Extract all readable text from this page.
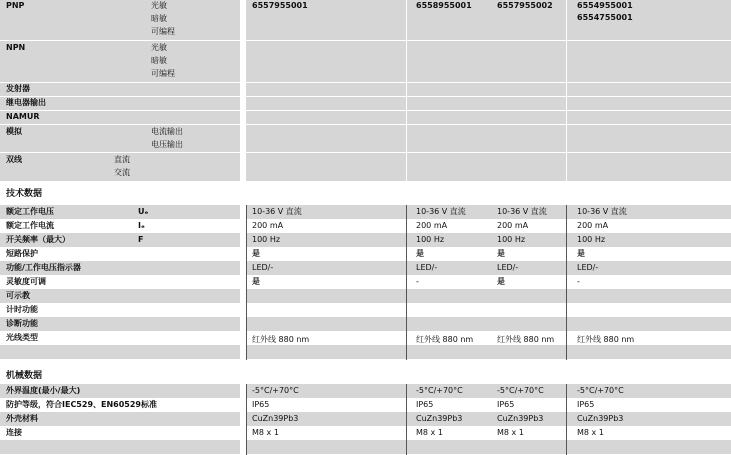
PNP	光敏
暗敏
可编程
6557955001	6558955001	6557955002	6554955001
6554755001
NPN	光敏
暗敏
可编程
发射器
继电器输出
NAMUR
模拟	电流输出
电压输出
双线	直流
交流
技术数据
额定工作电压	Uₑ	10-36 V 直流	10-36 V 直流	10-36 V 直流	10-36 V 直流
额定工作电流	Iₑ	200 mA	200 mA	200 mA	200 mA
开关频率（最大）	F	100 Hz	100 Hz	100 Hz	100 Hz
短路保护	是	是	是	是
功能/工作电压指示器	LED/-	LED/-	LED/-	LED/-
灵敏度可调	是	-	是	-
可示教
计时功能
诊断功能
光线类型	红外线 880 nm	红外线 880 nm	红外线 880 nm	红外线 880 nm
机械数据
外界温度(最小/最大)	-5°C/+70°C	-5°C/+70°C	-5°C/+70°C	-5°C/+70°C
防护等级，符合IEC529、EN60529标准	IP65	IP65	IP65	IP65
外壳材料	CuZn39Pb3	CuZn39Pb3	CuZn39Pb3	CuZn39Pb3
连接	M8 x 1	M8 x 1	M8 x 1	M8 x 1
